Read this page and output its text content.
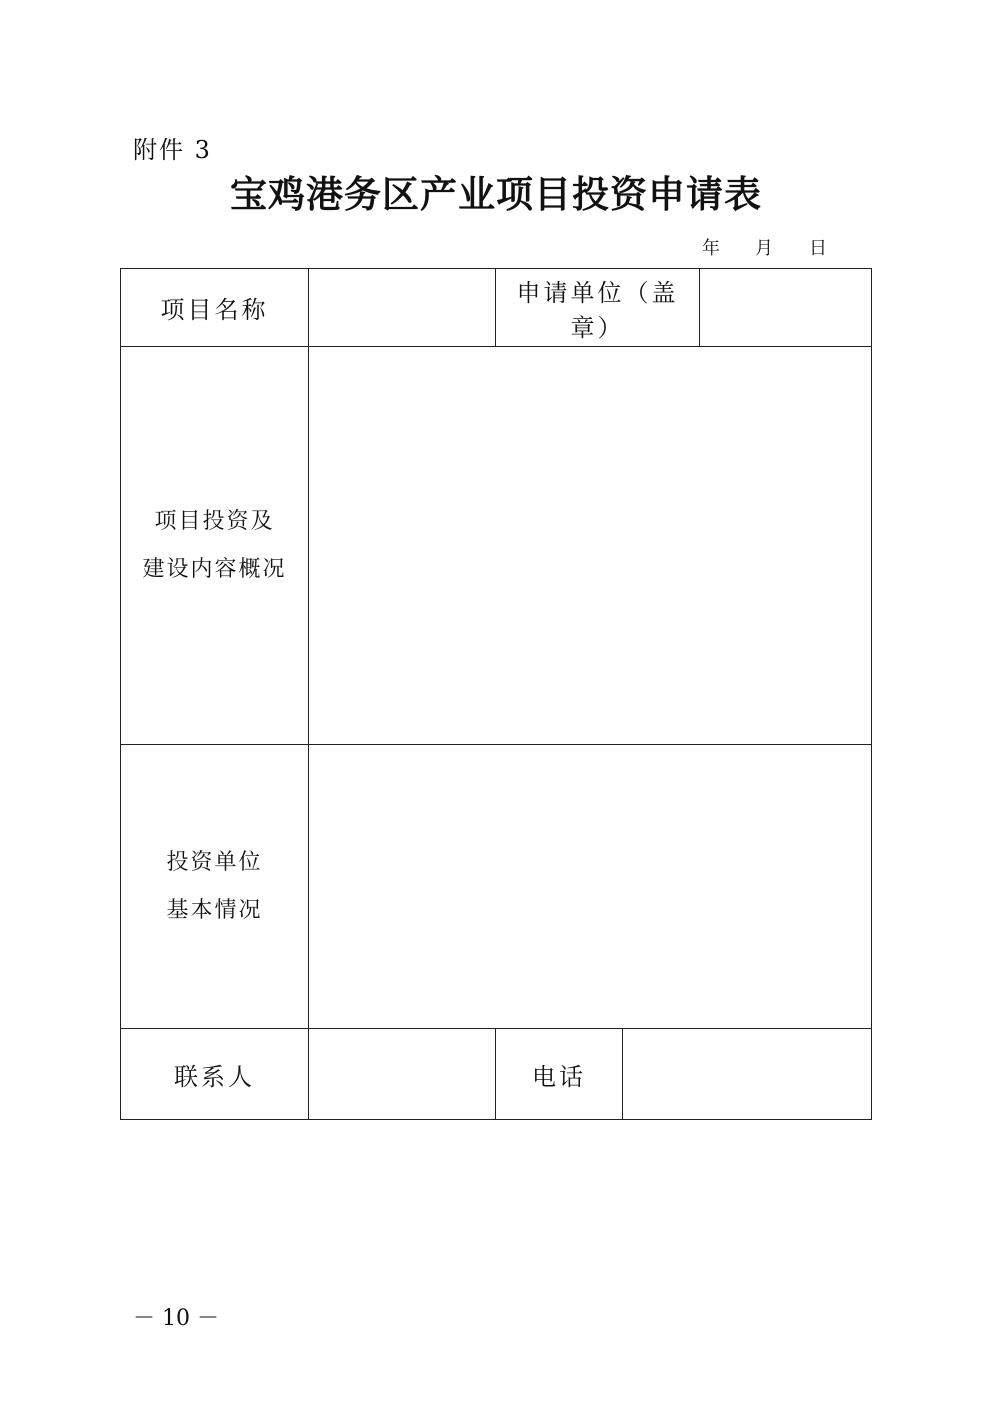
附件 3
宝鸡港务区产业项目投资申请表
年 月 日
项目名称		申请单位（盖章）		

项目投资及
建设内容概况				

投资单位
基本情况				

联系人		电话		
－ 10 －
